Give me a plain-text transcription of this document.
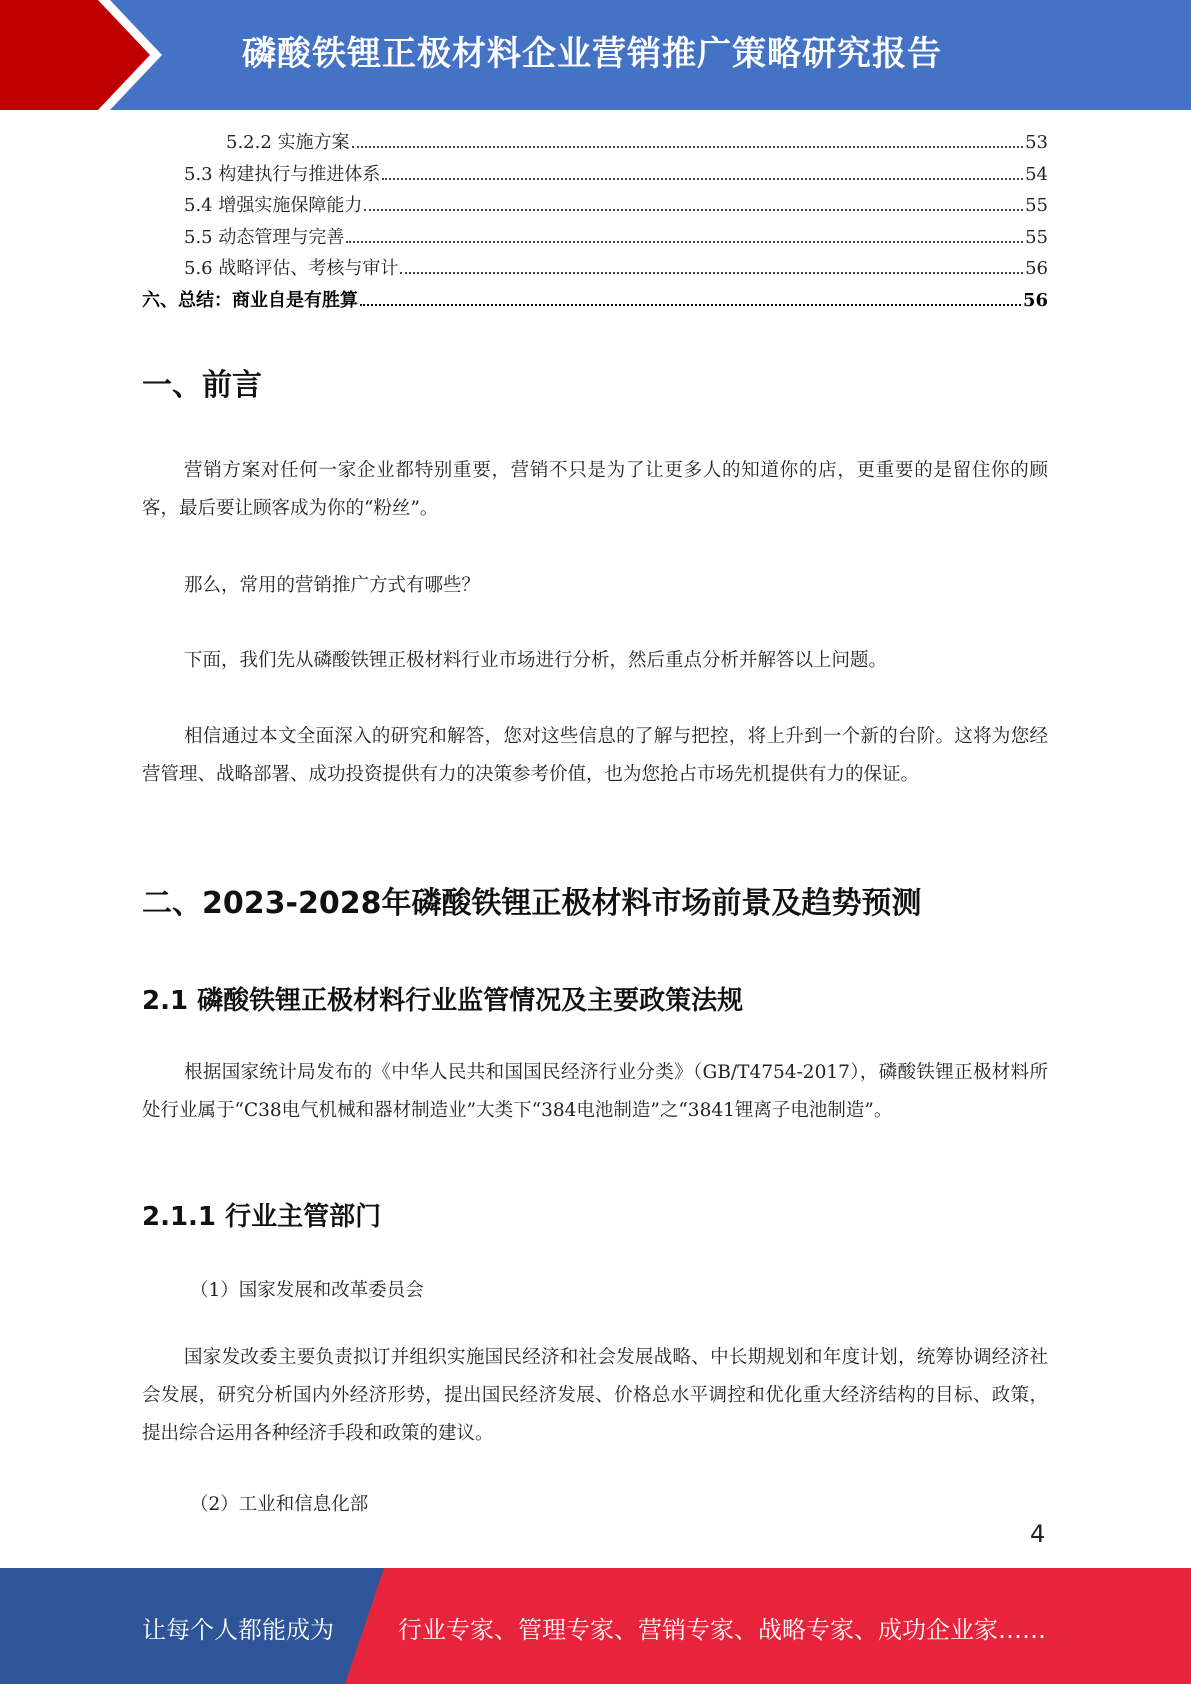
磷酸铁锂正极材料企业营销推广策略研究报告
5.2.2 实施方案	53
5.3 构建执行与推进体系	54
5.4 增强实施保障能力	55
5.5 动态管理与完善	55
5.6 战略评估、考核与审计	56
六、总结：商业自是有胜算	56
一、前言

营销方案对任何一家企业都特别重要，营销不只是为了让更多人的知道你的店，更重要的是留住你的顾客，最后要让顾客成为你的“粉丝”。

那么，常用的营销推广方式有哪些？

下面，我们先从磷酸铁锂正极材料行业市场进行分析，然后重点分析并解答以上问题。

相信通过本文全面深入的研究和解答，您对这些信息的了解与把控，将上升到一个新的台阶。这将为您经营管理、战略部署、成功投资提供有力的决策参考价值，也为您抢占市场先机提供有力的保证。

二、2023-2028年磷酸铁锂正极材料市场前景及趋势预测
2.1 磷酸铁锂正极材料行业监管情况及主要政策法规

根据国家统计局发布的《中华人民共和国国民经济行业分类》（GB/T4754-2017），磷酸铁锂正极材料所处行业属于“C38电气机械和器材制造业”大类下“384电池制造”之“3841锂离子电池制造”。

2.1.1 行业主管部门
（1）国家发展和改革委员会

国家发改委主要负责拟订并组织实施国民经济和社会发展战略、中长期规划和年度计划，统筹协调经济社会发展，研究分析国内外经济形势，提出国民经济发展、价格总水平调控和优化重大经济结构的目标、政策，提出综合运用各种经济手段和政策的建议。

（2）工业和信息化部
4
让每个人都能成为	行业专家、管理专家、营销专家、战略专家、成功企业家……
